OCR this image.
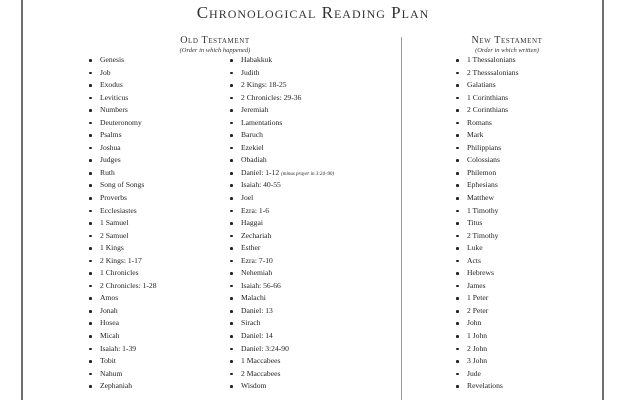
Chronological Reading Plan
Old Testament
(Order in which happened)
New Testament
(Order in which written)
Genesis
Job
Exodus
Leviticus
Numbers
Deuteronomy
Psalms
Joshua
Judges
Ruth
Song of Songs
Proverbs
Ecclesiastes
1 Samuel
2 Samuel
1 Kings
2 Kings: 1-17
1 Chronicles
2 Chronicles: 1-28
Amos
Jonah
Hosea
Micah
Isaiah: 1-39
Tobit
Nahum
Zephaniah
Habakkuk
Judith
2 Kings: 18-25
2 Chronicles: 29-36
Jeremiah
Lamentations
Baruch
Ezekiel
Obadiah
Daniel: 1-12 (minus prayer in 3:24–90)
Isaiah: 40-55
Joel
Ezra: 1-6
Haggai
Zechariah
Esther
Ezra: 7-10
Nehemiah
Isaiah: 56-66
Malachi
Daniel: 13
Sirach
Daniel: 14
Daniel: 3:24-90
1 Maccabees
2 Maccabees
Wisdom
1 Thessalonians
2 Thesssalonians
Galatians
1 Corinthians
2 Corinthians
Romans
Mark
Philippians
Colossians
Philemon
Ephesians
Matthew
1 Timothy
Titus
2 Timothy
Luke
Acts
Hebrews
James
1 Peter
2 Peter
John
1 John
2 John
3 John
Jude
Revelations
